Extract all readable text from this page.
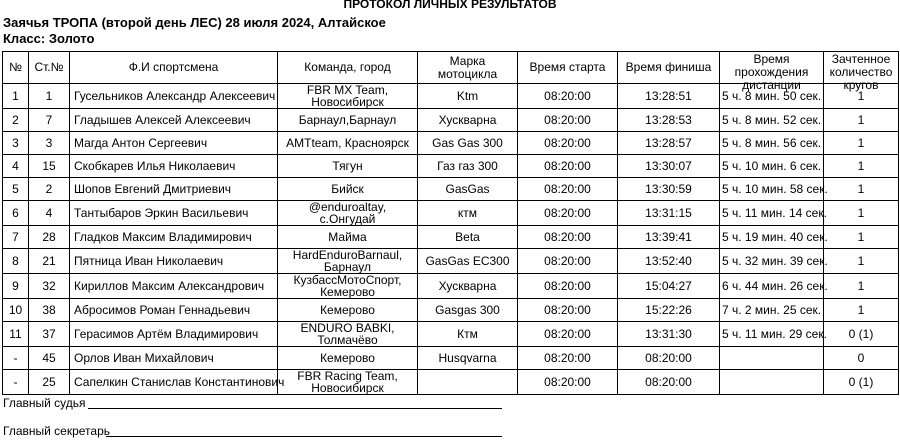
ПРОТОКОЛ ЛИЧНЫХ РЕЗУЛЬТАТОВ
Заячья ТРОПА (второй день ЛЕС) 28 июля 2024, Алтайское
Класс: Золото
№	Ст.№	Ф.И спортсмена	Команда, город	Марка мотоцикла	Время старта	Время финиша	Время прохождения дистанции	Зачтенное количество кругов

1	1	Гусельников Александр Алексеевич	FBR MX Team, Новосибирск	Ktm	08:20:00	13:28:51	5 ч. 8 мин. 50 сек.	1
2	7	Гладышев Алексей Алексеевич	Барнаул,Барнаул	Хускварна	08:20:00	13:28:53	5 ч. 8 мин. 52 сек.	1
3	3	Магда Антон Сергеевич	AMTteam, Красноярск	Gas Gas 300	08:20:00	13:28:57	5 ч. 8 мин. 56 сек.	1
4	15	Скобкарев Илья Николаевич	Тягун	Газ газ 300	08:20:00	13:30:07	5 ч. 10 мин. 6 сек.	1
5	2	Шопов Евгений Дмитриевич	Бийск	GasGas	08:20:00	13:30:59	5 ч. 10 мин. 58 сек.	1
6	4	Тантыбаров Эркин Васильевич	@enduroaltay, с.Онгудай	ктм	08:20:00	13:31:15	5 ч. 11 мин. 14 сек.	1
7	28	Гладков Максим Владимирович	Майма	Beta	08:20:00	13:39:41	5 ч. 19 мин. 40 сек.	1
8	21	Пятница Иван Николаевич	HardEnduroBarnaul, Барнаул	GasGas EC300	08:20:00	13:52:40	5 ч. 32 мин. 39 сек.	1
9	32	Кириллов Максим Александрович	КузбассМотоСпорт, Кемерово	Хускварна	08:20:00	15:04:27	6 ч. 44 мин. 26 сек.	1
10	38	Абросимов Роман Геннадьевич	Кемерово	Gasgas 300	08:20:00	15:22:26	7 ч. 2 мин. 25 сек.	1
11	37	Герасимов Артём Владимирович	ENDURO BABKI, Толмачёво	Ктм	08:20:00	13:31:30	5 ч. 11 мин. 29 сек.	0 (1)
-	45	Орлов Иван Михайлович	Кемерово	Husqvarna	08:20:00	08:20:00		0
-	25	Сапелкин Станислав Константинович	FBR Racing Team, Новосибирск		08:20:00	08:20:00		0 (1)
Главный судья
Главный секретарь
